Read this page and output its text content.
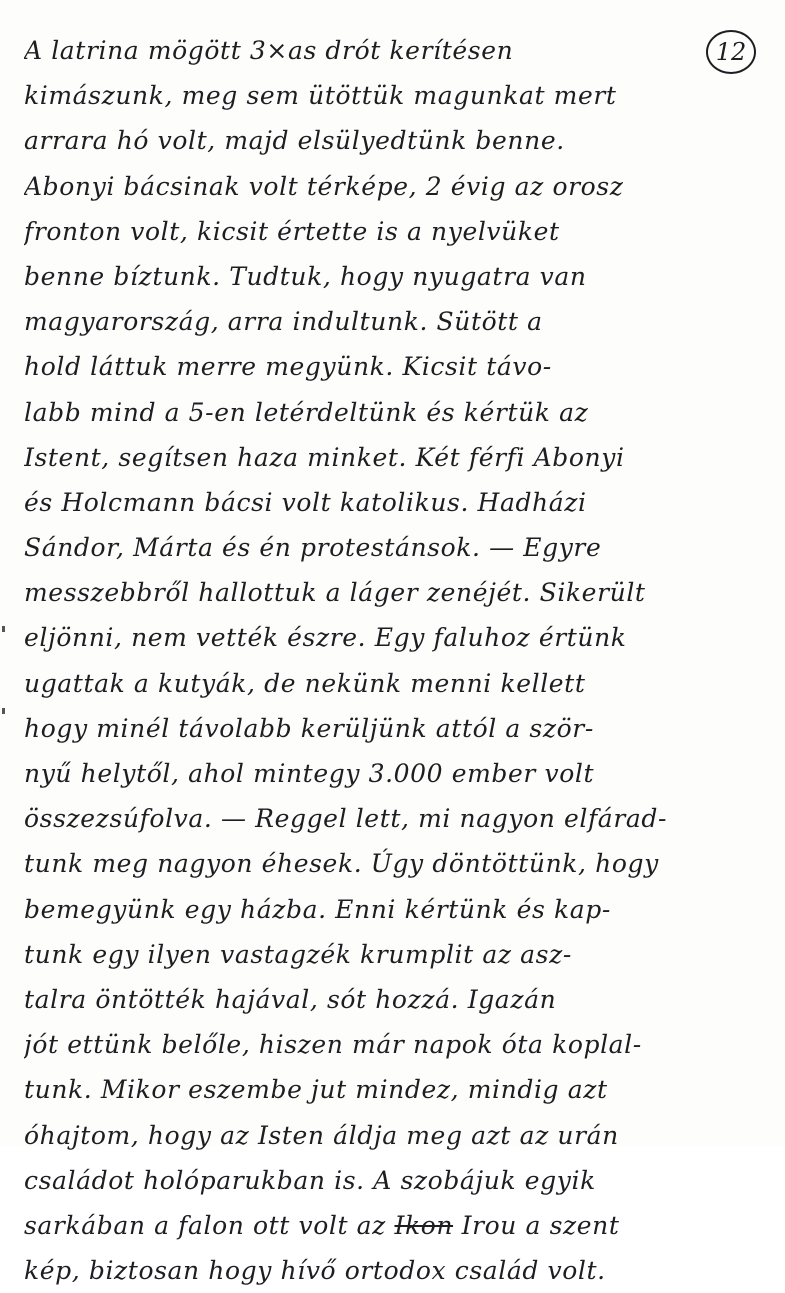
12
A latrina mögött 3×as drót kerítésen
kimászunk, meg sem ütöttük magunkat mert
arrara hó volt, majd elsülyedtünk benne.
Abonyi bácsinak volt térképe, 2 évig az orosz
fronton volt, kicsit értette is a nyelvüket
benne bíztunk. Tudtuk, hogy nyugatra van
magyarország, arra indultunk. Sütött a
hold láttuk merre megyünk. Kicsit távo-
labb mind a 5-en letérdeltünk és kértük az
Istent, segítsen haza minket. Két férfi Abonyi
és Holcmann bácsi volt katolikus. Hadházi
Sándor, Márta és én protestánsok. — Egyre
messzebbről hallottuk a láger zenéjét. Sikerült
eljönni, nem vették észre. Egy faluhoz értünk
ugattak a kutyák, de nekünk menni kellett
hogy minél távolabb kerüljünk attól a ször-
nyű helytől, ahol mintegy 3.000 ember volt
összezsúfolva. — Reggel lett, mi nagyon elfárad-
tunk meg nagyon éhesek. Úgy döntöttünk, hogy
bemegyünk egy házba. Enni kértünk és kap-
tunk egy ilyen vastagzék krumplit az asz-
talra öntötték hajával, sót hozzá. Igazán
jót ettünk belőle, hiszen már napok óta koplal-
tunk. Mikor eszembe jut mindez, mindig azt
óhajtom, hogy az Isten áldja meg azt az urán
családot holóparukban is. A szobájuk egyik
sarkában a falon ott volt az Ikon Irou a szent
kép, biztosan hogy hívő ortodox család volt.
